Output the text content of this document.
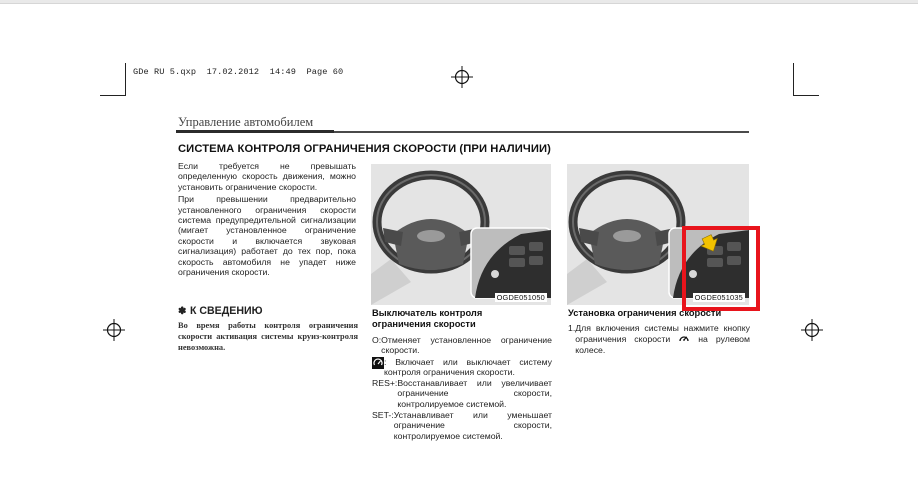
GDe RU 5.qxp  17.02.2012  14:49  Page 60
Управление автомобилем
СИСТЕМА КОНТРОЛЯ ОГРАНИЧЕНИЯ СКОРОСТИ (ПРИ НАЛИЧИИ)

Если требуется не превышать определенную скорость движения, можно установить ограничение скорости.

При превышении предварительно установленного ограничения скорости система предупредительной сигнализации (мигает установленное ограничение скорости и включается звуковая сигнализация) работает до тех пор, пока скорость автомобиля не упадет ниже ограничения скорости.

✽ К СВЕДЕНИЮ
Во время работы контроля ограничения скорости активация системы круиз-контроля невозможна.
OGDE051050	OGDE051035
Выключатель контроля ограничения скорости
Установка ограничения скорости
O: Отменяет установленное ограничение скорости.
: Включает или выключает систему контроля ограничения скорости.
RES+: Восстанавливает или увеличивает ограничение скорости, контролируемое системой.
SET-: Устанавливает или уменьшает ограничение скорости, контролируемое системой.
1. Для включения системы нажмите кнопку ограничения скорости	на рулевом колесе.
